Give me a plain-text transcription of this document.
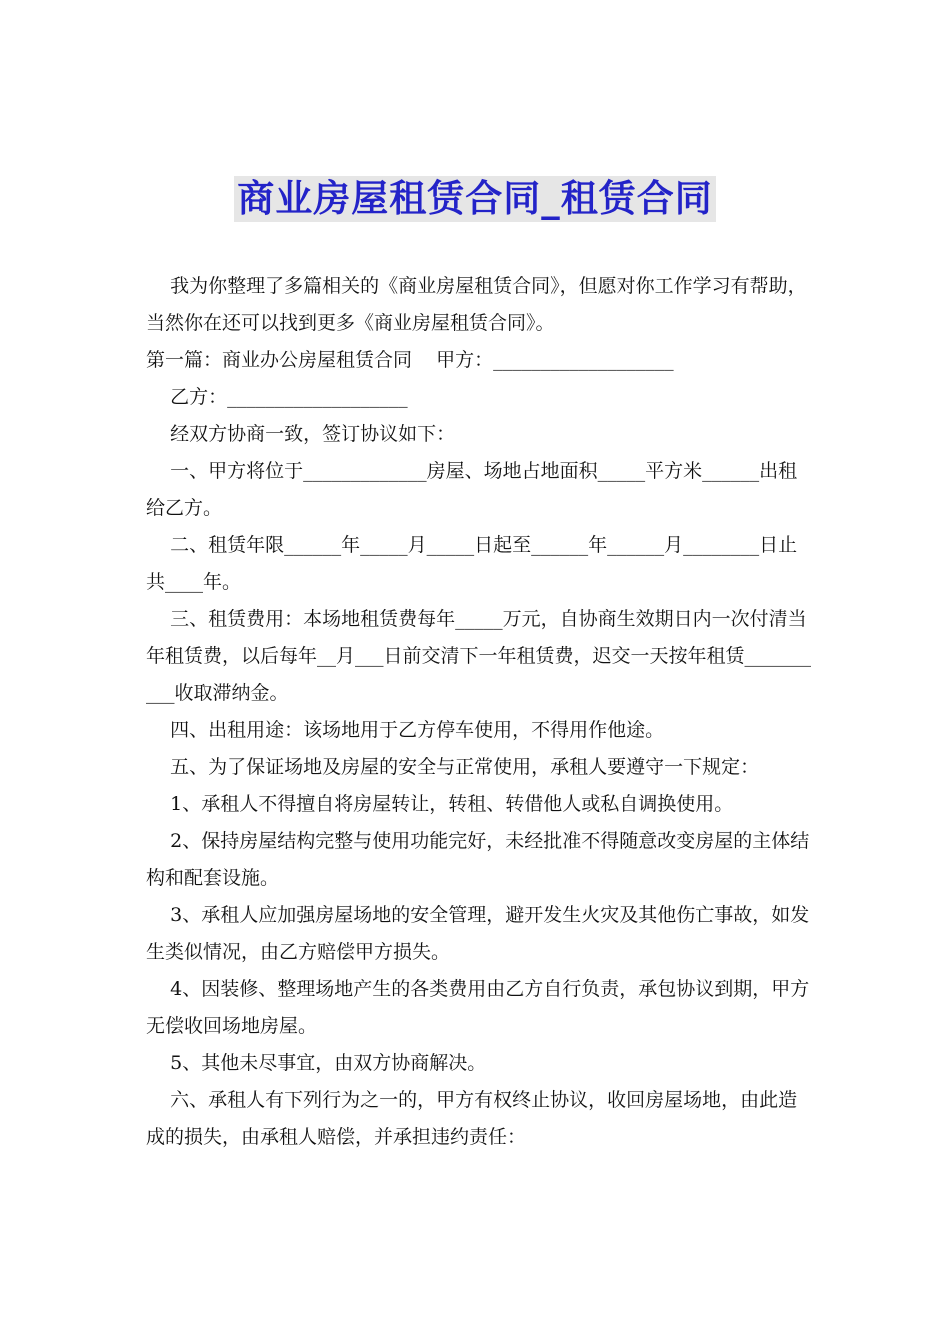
商业房屋租赁合同_租赁合同

我为你整理了多篇相关的《商业房屋租赁合同》，但愿对你工作学习有帮助，当然你在还可以找到更多《商业房屋租赁合同》。

第一篇：商业办公房屋租赁合同    甲方：___________________

乙方：___________________

经双方协商一致，签订协议如下：

一、甲方将位于_____________房屋、场地占地面积_____平方米______出租给乙方。

二、租赁年限______年_____月_____日起至______年______月________日止共____年。

三、租赁费用：本场地租赁费每年_____万元，自协商生效期日内一次付清当年租赁费，以后每年__月___日前交清下一年租赁费，迟交一天按年租赁__________收取滞纳金。

四、出租用途：该场地用于乙方停车使用，不得用作他途。

五、为了保证场地及房屋的安全与正常使用，承租人要遵守一下规定：

1、承租人不得擅自将房屋转让，转租、转借他人或私自调换使用。

2、保持房屋结构完整与使用功能完好，未经批准不得随意改变房屋的主体结构和配套设施。

3、承租人应加强房屋场地的安全管理，避开发生火灾及其他伤亡事故，如发生类似情况，由乙方赔偿甲方损失。

4、因装修、整理场地产生的各类费用由乙方自行负责，承包协议到期，甲方无偿收回场地房屋。

5、其他未尽事宜，由双方协商解决。

六、承租人有下列行为之一的，甲方有权终止协议，收回房屋场地，由此造成的损失，由承租人赔偿，并承担违约责任：
